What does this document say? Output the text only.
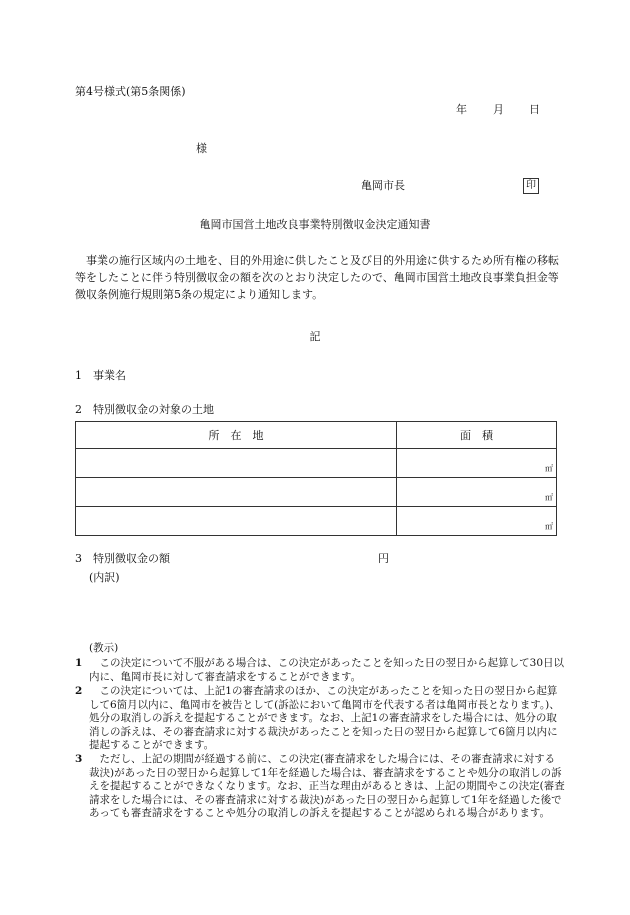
第4号様式(第5条関係)
年 月 日
様
亀岡市長	印
亀岡市国営土地改良事業特別徴収金決定通知書
事業の施行区域内の土地を、目的外用途に供したこと及び目的外用途に供するため所有権の移転等をしたことに伴う特別徴収金の額を次のとおり決定したので、亀岡市国営土地改良事業負担金等徴収条例施行規則第5条の規定により通知します。
記
1　事業名
2　特別徴収金の対象の土地
所　在　地	面　積
	㎡
	㎡
	㎡
3　特別徴収金の額	円
(内訳)
(教示)
1	この決定について不服がある場合は、この決定があったことを知った日の翌日から起算して30日以内に、亀岡市長に対して審査請求をすることができます。
2	この決定については、上記1の審査請求のほか、この決定があったことを知った日の翌日から起算して6箇月以内に、亀岡市を被告として(訴訟において亀岡市を代表する者は亀岡市長となります。)、処分の取消しの訴えを提起することができます。なお、上記1の審査請求をした場合には、処分の取消しの訴えは、その審査請求に対する裁決があったことを知った日の翌日から起算して6箇月以内に提起することができます。
3	ただし、上記の期間が経過する前に、この決定(審査請求をした場合には、その審査請求に対する裁決)があった日の翌日から起算して1年を経過した場合は、審査請求をすることや処分の取消しの訴えを提起することができなくなります。なお、正当な理由があるときは、上記の期間やこの決定(審査請求をした場合には、その審査請求に対する裁決)があった日の翌日から起算して1年を経過した後であっても審査請求をすることや処分の取消しの訴えを提起することが認められる場合があります。
